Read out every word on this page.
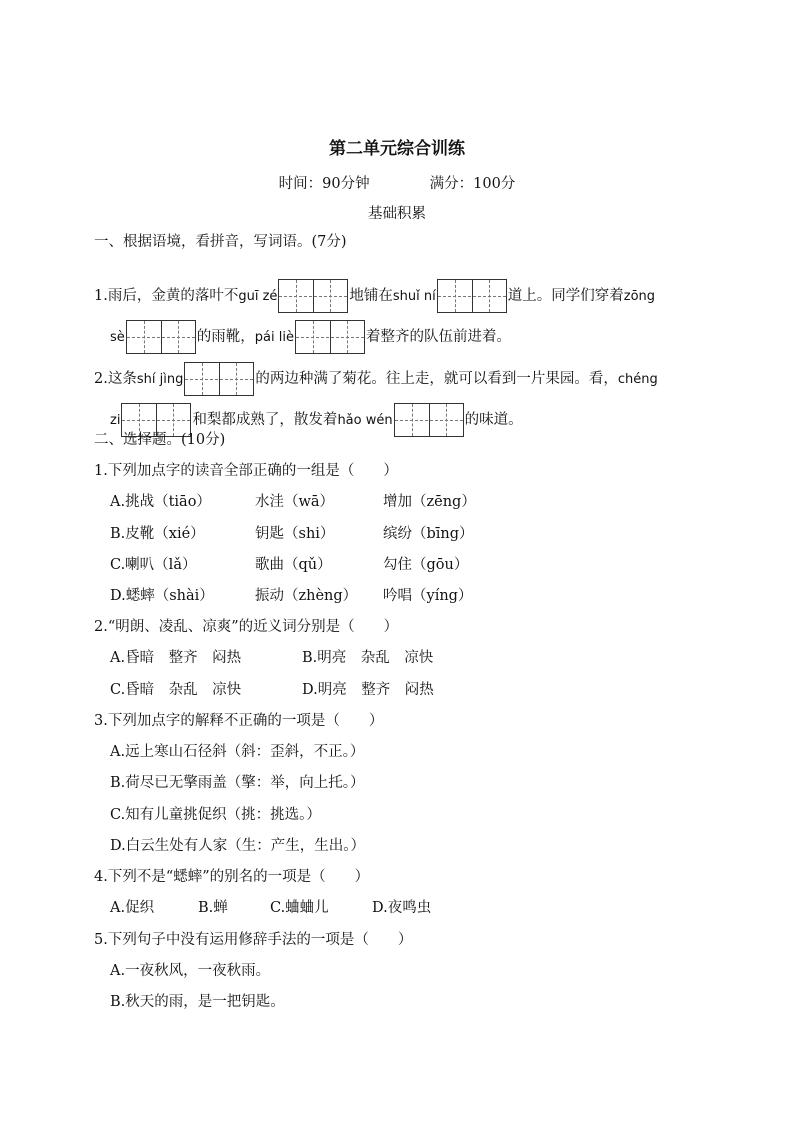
第二单元综合训练
时间：90分钟	满分：100分
基础积累
一、根据语境，看拼音，写词语。(7分)
1.雨后，金黄的落叶不guī zé	地铺在shuǐ ní	道上。同学们穿着zōng
sè	的雨靴，pái liè	着整齐的队伍前进着。
2.这条shí jìng	的两边种满了菊花。往上走，就可以看到一片果园。看，chéng
zi	和梨都成熟了，散发着hǎo wén	的味道。
二、选择题。(10分)
1.下列加点字的读音全部正确的一组是（　　）
A.挑战（tiāo）	水洼（wā）	增加（zēng）
B.皮靴（xié）	钥匙（shi）	缤纷（bīng）
C.喇叭（lǎ）	歌曲（qǔ）	勾住（gōu）
D.蟋蟀（shài）	振动（zhèng） 吟唱（yíng）
2.“明朗、凌乱、凉爽”的近义词分别是（　　）
A.昏暗　整齐　闷热	B.明亮　杂乱　凉快
C.昏暗　杂乱　凉快	D.明亮　整齐　闷热
3.下列加点字的解释不正确的一项是（　　）
A.远上寒山石径斜（斜：歪斜，不正。）
B.荷尽已无擎雨盖（擎：举，向上托。）
C.知有儿童挑促织（挑：挑选。）
D.白云生处有人家（生：产生，生出。）
4.下列不是“蟋蟀”的别名的一项是（　　）
A.促织	B.蝉	C.蛐蛐儿	D.夜鸣虫
5.下列句子中没有运用修辞手法的一项是（　　）
A.一夜秋风，一夜秋雨。
B.秋天的雨，是一把钥匙。
